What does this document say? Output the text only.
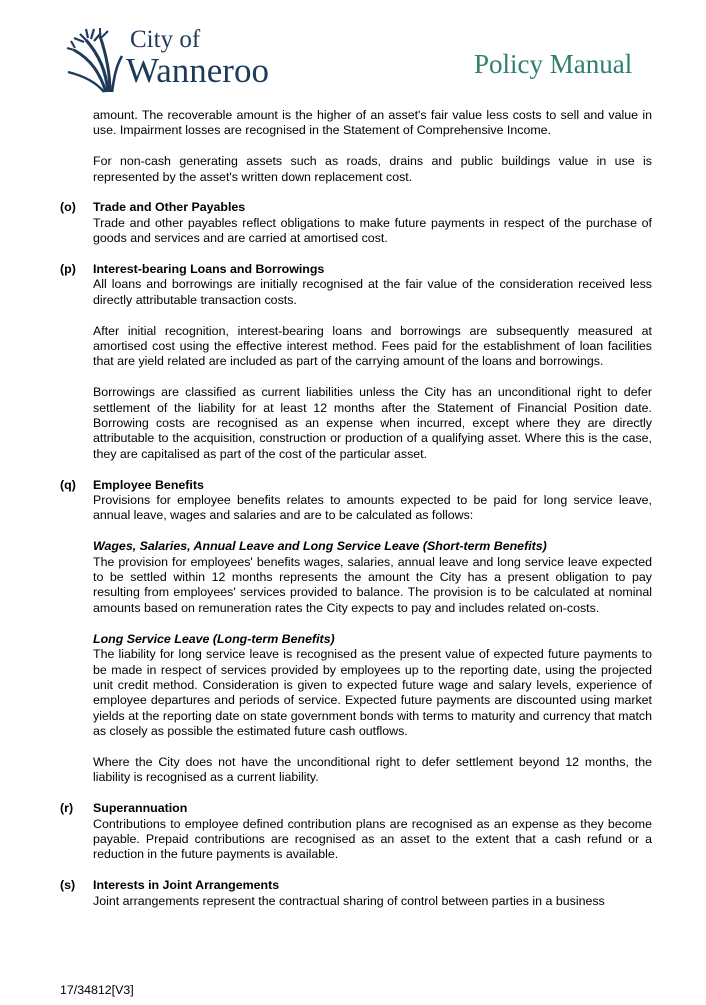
City of
Wanneroo	Policy Manual

amount. The recoverable amount is the higher of an asset's fair value less costs to sell and value in use. Impairment losses are recognised in the Statement of Comprehensive Income.

For non-cash generating assets such as roads, drains and public buildings value in use is represented by the asset's written down replacement cost.

(o) Trade and Other Payables
Trade and other payables reflect obligations to make future payments in respect of the purchase of goods and services and are carried at amortised cost.
(p) Interest-bearing Loans and Borrowings

All loans and borrowings are initially recognised at the fair value of the consideration received less directly attributable transaction costs.

After initial recognition, interest-bearing loans and borrowings are subsequently measured at amortised cost using the effective interest method. Fees paid for the establishment of loan facilities that are yield related are included as part of the carrying amount of the loans and borrowings.

Borrowings are classified as current liabilities unless the City has an unconditional right to defer settlement of the liability for at least 12 months after the Statement of Financial Position date. Borrowing costs are recognised as an expense when incurred, except where they are directly attributable to the acquisition, construction or production of a qualifying asset. Where this is the case, they are capitalised as part of the cost of the particular asset.
(q) Employee Benefits

Provisions for employee benefits relates to amounts expected to be paid for long service leave, annual leave, wages and salaries and are to be calculated as follows:

Wages, Salaries, Annual Leave and Long Service Leave (Short-term Benefits)

The provision for employees' benefits wages, salaries, annual leave and long service leave expected to be settled within 12 months represents the amount the City has a present obligation to pay resulting from employees' services provided to balance. The provision is to be calculated at nominal amounts based on remuneration rates the City expects to pay and includes related on-costs.

Long Service Leave (Long-term Benefits)

The liability for long service leave is recognised as the present value of expected future payments to be made in respect of services provided by employees up to the reporting date, using the projected unit credit method. Consideration is given to expected future wage and salary levels, experience of employee departures and periods of service. Expected future payments are discounted using market yields at the reporting date on state government bonds with terms to maturity and currency that match as closely as possible the estimated future cash outflows.

Where the City does not have the unconditional right to defer settlement beyond 12 months, the liability is recognised as a current liability.
(r) Superannuation
Contributions to employee defined contribution plans are recognised as an expense as they become payable. Prepaid contributions are recognised as an asset to the extent that a cash refund or a reduction in the future payments is available.
(s) Interests in Joint Arrangements
Joint arrangements represent the contractual sharing of control between parties in a business
17/34812[V3]
